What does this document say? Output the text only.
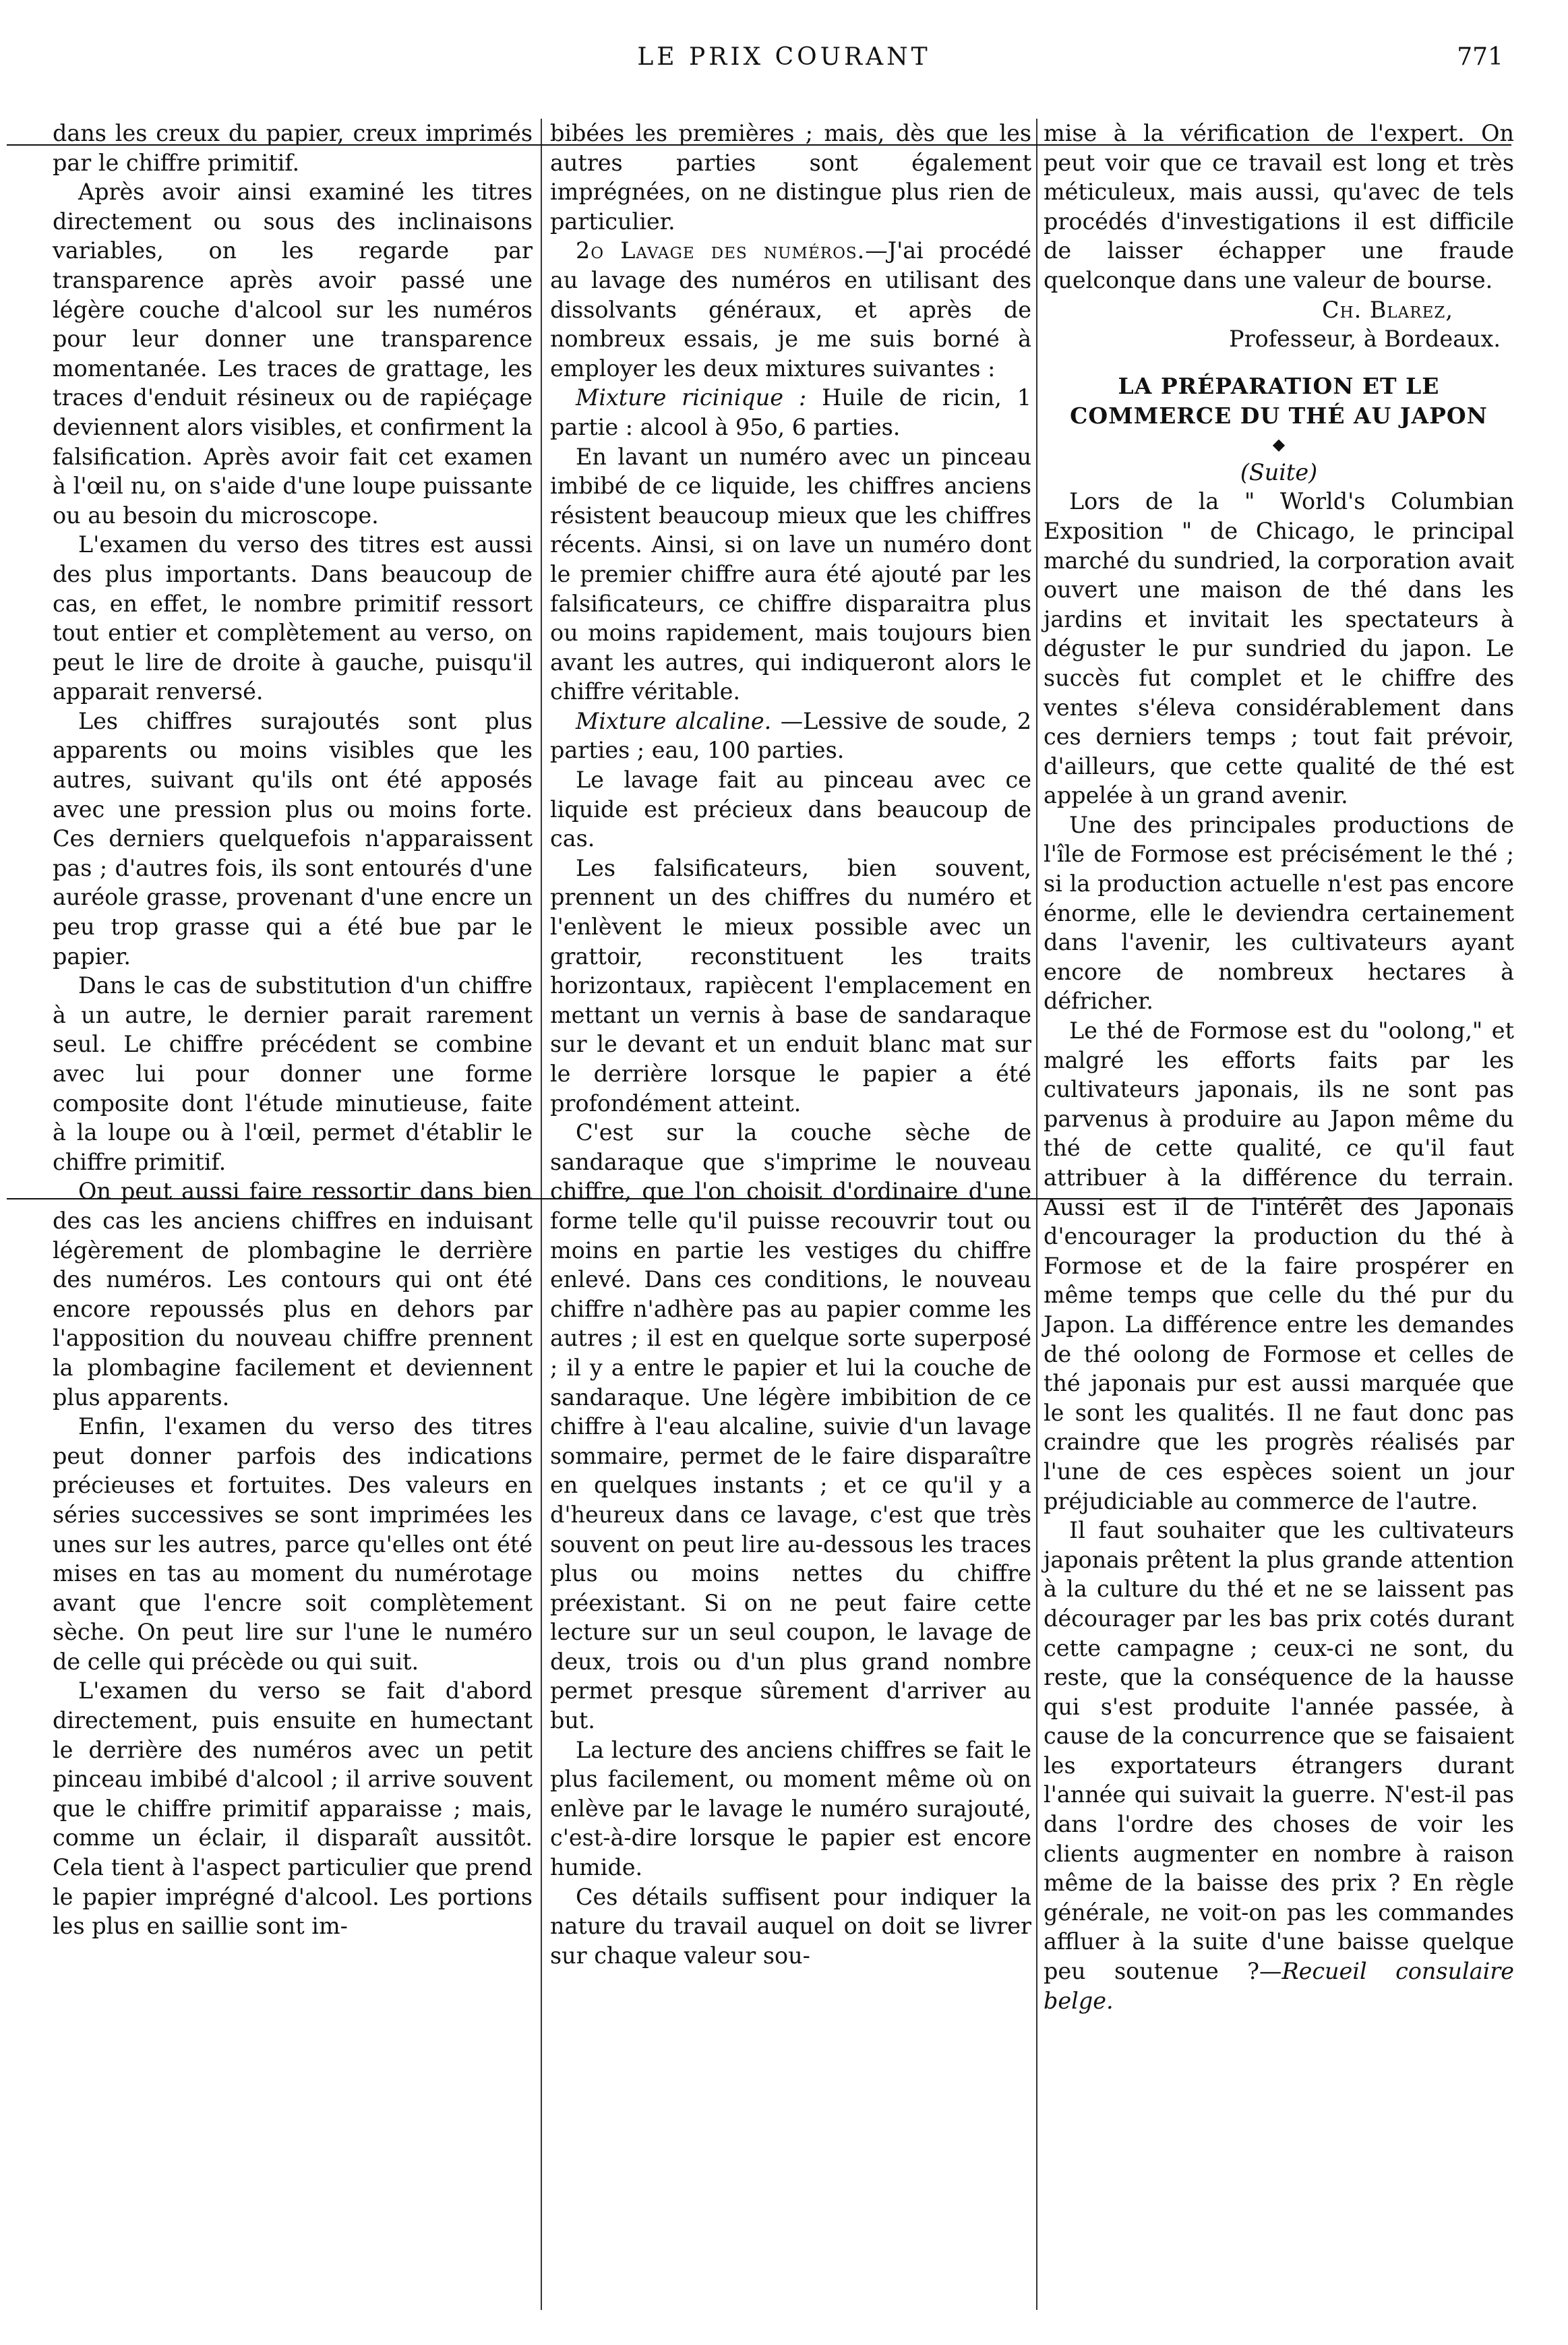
LE PRIX COURANT	771

dans les creux du papier, creux imprimés par le chiffre primitif.

Après avoir ainsi examiné les titres directement ou sous des inclinaisons variables, on les regarde par transparence après avoir passé une légère couche d'alcool sur les numéros pour leur donner une transparence momentanée. Les traces de grattage, les traces d'enduit résineux ou de rapiéçage deviennent alors visibles, et confirment la falsification. Après avoir fait cet examen à l'œil nu, on s'aide d'une loupe puissante ou au besoin du microscope.

L'examen du verso des titres est aussi des plus importants. Dans beaucoup de cas, en effet, le nombre primitif ressort tout entier et complètement au verso, on peut le lire de droite à gauche, puisqu'il apparait renversé.

Les chiffres surajoutés sont plus apparents ou moins visibles que les autres, suivant qu'ils ont été apposés avec une pression plus ou moins forte. Ces derniers quelquefois n'apparaissent pas ; d'autres fois, ils sont entourés d'une auréole grasse, provenant d'une encre un peu trop grasse qui a été bue par le papier.

Dans le cas de substitution d'un chiffre à un autre, le dernier parait rarement seul. Le chiffre précédent se combine avec lui pour donner une forme composite dont l'étude minutieuse, faite à la loupe ou à l'œil, permet d'établir le chiffre primitif.

On peut aussi faire ressortir dans bien des cas les anciens chiffres en induisant légèrement de plombagine le derrière des numéros. Les contours qui ont été encore repoussés plus en dehors par l'apposition du nouveau chiffre prennent la plombagine facilement et deviennent plus apparents.

Enfin, l'examen du verso des titres peut donner parfois des indications précieuses et fortuites. Des valeurs en séries successives se sont imprimées les unes sur les autres, parce qu'elles ont été mises en tas au moment du numérotage avant que l'encre soit complètement sèche. On peut lire sur l'une le numéro de celle qui précède ou qui suit.

L'examen du verso se fait d'abord directement, puis ensuite en humectant le derrière des numéros avec un petit pinceau imbibé d'alcool ; il arrive souvent que le chiffre primitif apparaisse ; mais, comme un éclair, il disparaît aussitôt. Cela tient à l'aspect particulier que prend le papier imprégné d'alcool. Les portions les plus en saillie sont im-

bibées les premières ; mais, dès que les autres parties sont également imprégnées, on ne distingue plus rien de particulier.

2o Lavage des numéros.—J'ai procédé au lavage des numéros en utilisant des dissolvants généraux, et après de nombreux essais, je me suis borné à employer les deux mixtures suivantes :

Mixture ricinique : Huile de ricin, 1 partie : alcool à 95o, 6 parties.

En lavant un numéro avec un pinceau imbibé de ce liquide, les chiffres anciens résistent beaucoup mieux que les chiffres récents. Ainsi, si on lave un numéro dont le premier chiffre aura été ajouté par les falsificateurs, ce chiffre disparaitra plus ou moins rapidement, mais toujours bien avant les autres, qui indiqueront alors le chiffre véritable.

Mixture alcaline. —Lessive de soude, 2 parties ; eau, 100 parties.

Le lavage fait au pinceau avec ce liquide est précieux dans beaucoup de cas.

Les falsificateurs, bien souvent, prennent un des chiffres du numéro et l'enlèvent le mieux possible avec un grattoir, reconstituent les traits horizontaux, rapiècent l'emplacement en mettant un vernis à base de sandaraque sur le devant et un enduit blanc mat sur le derrière lorsque le papier a été profondément atteint.

C'est sur la couche sèche de sandaraque que s'imprime le nouveau chiffre, que l'on choisit d'ordinaire d'une forme telle qu'il puisse recouvrir tout ou moins en partie les vestiges du chiffre enlevé. Dans ces conditions, le nouveau chiffre n'adhère pas au papier comme les autres ; il est en quelque sorte superposé ; il y a entre le papier et lui la couche de sandaraque. Une légère imbibition de ce chiffre à l'eau alcaline, suivie d'un lavage sommaire, permet de le faire disparaître en quelques instants ; et ce qu'il y a d'heureux dans ce lavage, c'est que très souvent on peut lire au-dessous les traces plus ou moins nettes du chiffre préexistant. Si on ne peut faire cette lecture sur un seul coupon, le lavage de deux, trois ou d'un plus grand nombre permet presque sûrement d'arriver au but.

La lecture des anciens chiffres se fait le plus facilement, ou moment même où on enlève par le lavage le numéro surajouté, c'est-à-dire lorsque le papier est encore humide.

Ces détails suffisent pour indiquer la nature du travail auquel on doit se livrer sur chaque valeur sou-

mise à la vérification de l'expert. On peut voir que ce travail est long et très méticuleux, mais aussi, qu'avec de tels procédés d'investigations il est difficile de laisser échapper une fraude quelconque dans une valeur de bourse.

Ch. Blarez,

Professeur, à Bordeaux.

LA PRÉPARATION ET LE COMMERCE DU THÉ AU JAPON

◆

(Suite)

Lors de la " World's Columbian Exposition " de Chicago, le principal marché du sundried, la corporation avait ouvert une maison de thé dans les jardins et invitait les spectateurs à déguster le pur sundried du japon. Le succès fut complet et le chiffre des ventes s'éleva considérablement dans ces derniers temps ; tout fait prévoir, d'ailleurs, que cette qualité de thé est appelée à un grand avenir.

Une des principales productions de l'île de Formose est précisément le thé ; si la production actuelle n'est pas encore énorme, elle le deviendra certainement dans l'avenir, les cultivateurs ayant encore de nombreux hectares à défricher.

Le thé de Formose est du "oolong," et malgré les efforts faits par les cultivateurs japonais, ils ne sont pas parvenus à produire au Japon même du thé de cette qualité, ce qu'il faut attribuer à la différence du terrain. Aussi est il de l'intérêt des Japonais d'encourager la production du thé à Formose et de la faire prospérer en même temps que celle du thé pur du Japon. La différence entre les demandes de thé oolong de Formose et celles de thé japonais pur est aussi marquée que le sont les qualités. Il ne faut donc pas craindre que les progrès réalisés par l'une de ces espèces soient un jour préjudiciable au commerce de l'autre.

Il faut souhaiter que les cultivateurs japonais prêtent la plus grande attention à la culture du thé et ne se laissent pas décourager par les bas prix cotés durant cette campagne ; ceux-ci ne sont, du reste, que la conséquence de la hausse qui s'est produite l'année passée, à cause de la concurrence que se faisaient les exportateurs étrangers durant l'année qui suivait la guerre. N'est-il pas dans l'ordre des choses de voir les clients augmenter en nombre à raison même de la baisse des prix ? En règle générale, ne voit-on pas les commandes affluer à la suite d'une baisse quelque peu soutenue ?—Recueil consulaire belge.
